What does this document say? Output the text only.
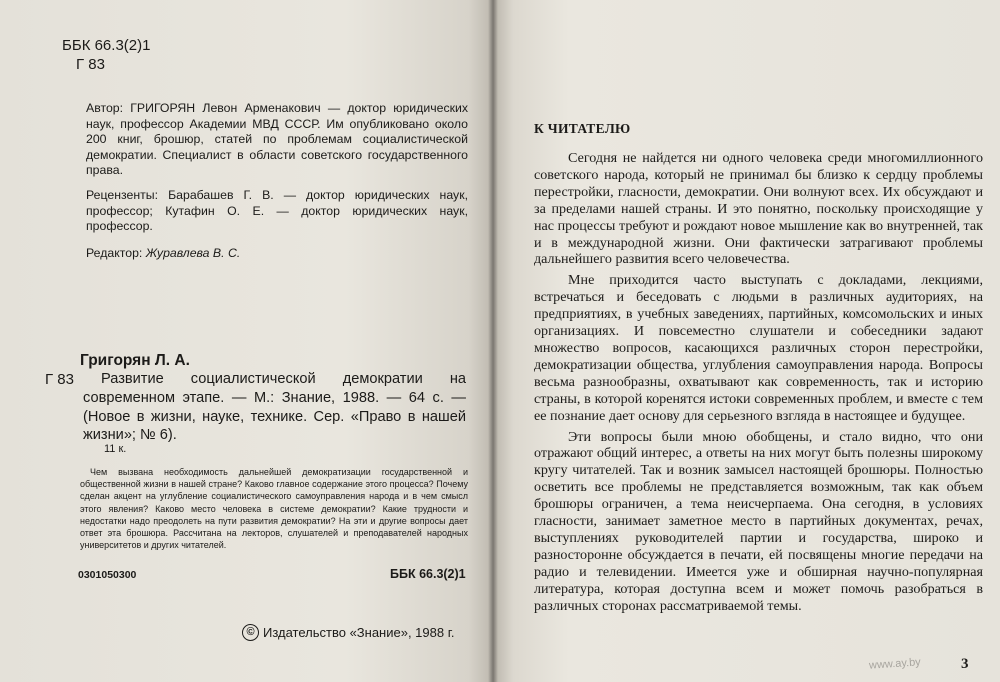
ББК 66.3(2)1
Г 83

Автор: ГРИГОРЯН Левон Арменакович — доктор юридических наук, профессор Академии МВД СССР. Им опубликовано около 200 книг, брошюр, статей по проблемам социалистической демократии. Специалист в области советского государственного права.

Рецензенты: Барабашев Г. В. — доктор юридических наук, профессор; Кутафин О. Е. — доктор юридических наук, профессор.

Редактор: Журавлева В. С.

Григорян Л. А.
Г 83	Развитие социалистической демократии на современном этапе. — М.: Знание, 1988. — 64 с. — (Новое в жизни, науке, технике. Сер. «Право в нашей жизни»; № 6).

11 к.

Чем вызвана необходимость дальнейшей демократизации государственной и общественной жизни в нашей стране? Каково главное содержание этого процесса? Почему сделан акцент на углубление социалистического самоуправления народа и в чем смысл этого явления? Каково место человека в системе демократии? Какие трудности и недостатки надо преодолеть на пути развития демократии? На эти и другие вопросы дает ответ эта брошюра. Рассчитана на лекторов, слушателей и преподавателей народных университетов и других читателей.

0301050300	ББК 66.3(2)1
© Издательство «Знание», 1988 г.
К ЧИТАТЕЛЮ

Сегодня не найдется ни одного человека среди многомиллионного советского народа, который не принимал бы близко к сердцу проблемы перестройки, гласности, демократии. Они волнуют всех. Их обсуждают и за пределами нашей страны. И это понятно, поскольку происходящие у нас процессы требуют и рождают новое мышление как во внутренней, так и в международной жизни. Они фактически затрагивают проблемы дальнейшего развития всего человечества.

Мне приходится часто выступать с докладами, лекциями, встречаться и беседовать с людьми в различных аудиториях, на предприятиях, в учебных заведениях, партийных, комсомольских и иных организациях. И повсеместно слушатели и собеседники задают множество вопросов, касающихся различных сторон перестройки, демократизации общества, углубления самоуправления народа. Вопросы весьма разнообразны, охватывают как современность, так и историю страны, в которой коренятся истоки современных проблем, и вместе с тем ее познание дает основу для серьезного взгляда в настоящее и будущее.

Эти вопросы были мною обобщены, и стало видно, что они отражают общий интерес, а ответы на них могут быть полезны широкому кругу читателей. Так и возник замысел настоящей брошюры. Полностью осветить все проблемы не представляется возможным, так как объем брошюры ограничен, а тема неисчерпаема. Она сегодня, в условиях гласности, занимает заметное место в партийных документах, речах, выступлениях руководителей партии и государства, широко и разносторонне обсуждается в печати, ей посвящены многие передачи на радио и телевидении. Имеется уже и обширная научно-популярная литература, которая доступна всем и может помочь разобраться в различных сторонах рассматриваемой темы.

www.ay.by	3
